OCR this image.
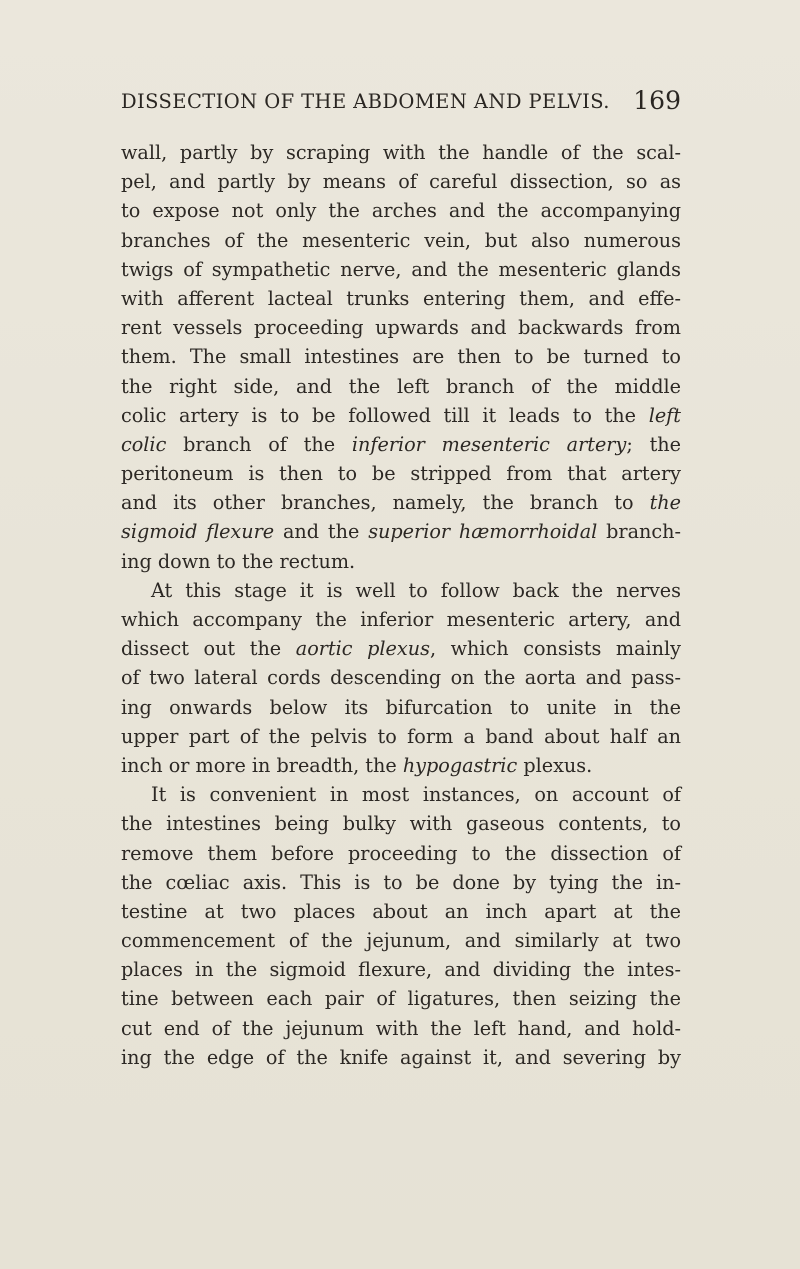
DISSECTION OF THE ABDOMEN AND PELVIS. 169
wall, partly by scraping with the handle of the scal-
pel, and partly by means of careful dissection, so as
to expose not only the arches and the accompanying
branches of the mesenteric vein, but also numerous
twigs of sympathetic nerve, and the mesenteric glands
with afferent lacteal trunks entering them, and effe-
rent vessels proceeding upwards and backwards from
them. The small intestines are then to be turned to
the right side, and the left branch of the middle
colic artery is to be followed till it leads to the left
colic branch of the inferior mesenteric artery; the
peritoneum is then to be stripped from that artery
and its other branches, namely, the branch to the
sigmoid flexure and the superior hæmorrhoidal branch-
ing down to the rectum.
At this stage it is well to follow back the nerves
which accompany the inferior mesenteric artery, and
dissect out the aortic plexus, which consists mainly
of two lateral cords descending on the aorta and pass-
ing onwards below its bifurcation to unite in the
upper part of the pelvis to form a band about half an
inch or more in breadth, the hypogastric plexus.
It is convenient in most instances, on account of
the intestines being bulky with gaseous contents, to
remove them before proceeding to the dissection of
the cœliac axis. This is to be done by tying the in-
testine at two places about an inch apart at the
commencement of the jejunum, and similarly at two
places in the sigmoid flexure, and dividing the intes-
tine between each pair of ligatures, then seizing the
cut end of the jejunum with the left hand, and hold-
ing the edge of the knife against it, and severing by
